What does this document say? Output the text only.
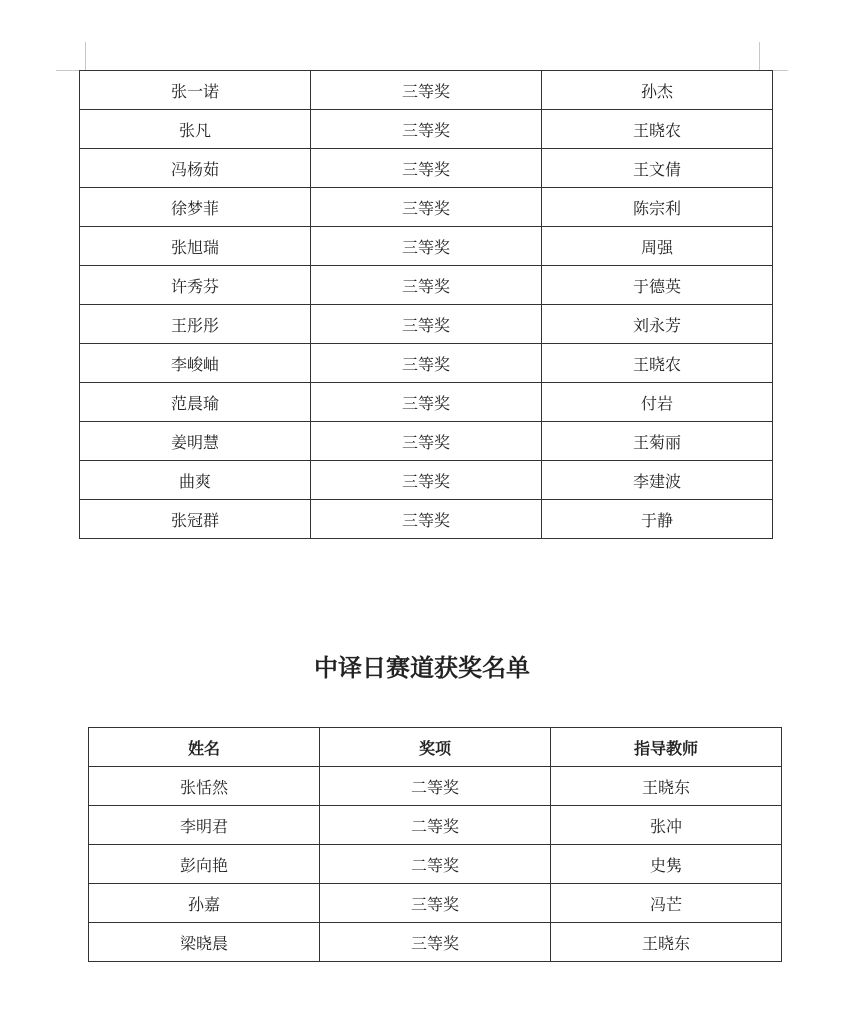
张一诺	三等奖	孙杰
张凡	三等奖	王晓农
冯杨茹	三等奖	王文倩
徐梦菲	三等奖	陈宗利
张旭瑞	三等奖	周强
许秀芬	三等奖	于德英
王彤彤	三等奖	刘永芳
李峻岫	三等奖	王晓农
范晨瑜	三等奖	付岩
姜明慧	三等奖	王菊丽
曲爽	三等奖	李建波
张冠群	三等奖	于静
中译日赛道获奖名单
姓名	奖项	指导教师
张恬然	二等奖	王晓东
李明君	二等奖	张冲
彭向艳	二等奖	史隽
孙嘉	三等奖	冯芒
梁晓晨	三等奖	王晓东
